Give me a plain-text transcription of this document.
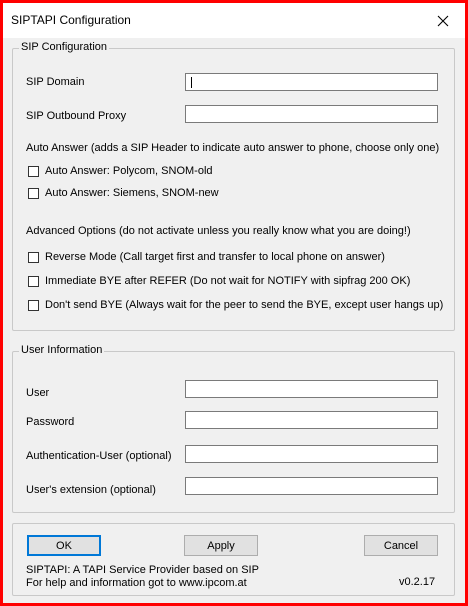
SIPTAPI Configuration
SIP Configuration
SIP Domain
SIP Outbound Proxy
Auto Answer (adds a SIP Header to indicate auto answer to phone, choose only one)
Auto Answer: Polycom, SNOM-old
Auto Answer: Siemens, SNOM-new
Advanced Options (do not activate unless you really know what you are doing!)
Reverse Mode (Call target first and transfer to local phone on answer)
Immediate BYE after REFER (Do not wait for NOTIFY with sipfrag 200 OK)
Don't send BYE (Always wait for the peer to send the BYE, except user hangs up)
User Information
User
Password
Authentication-User (optional)
User's extension (optional)
OK	Apply	Cancel
SIPTAPI: A TAPI Service Provider based on SIP
For help and information got to www.ipcom.at	v0.2.17
